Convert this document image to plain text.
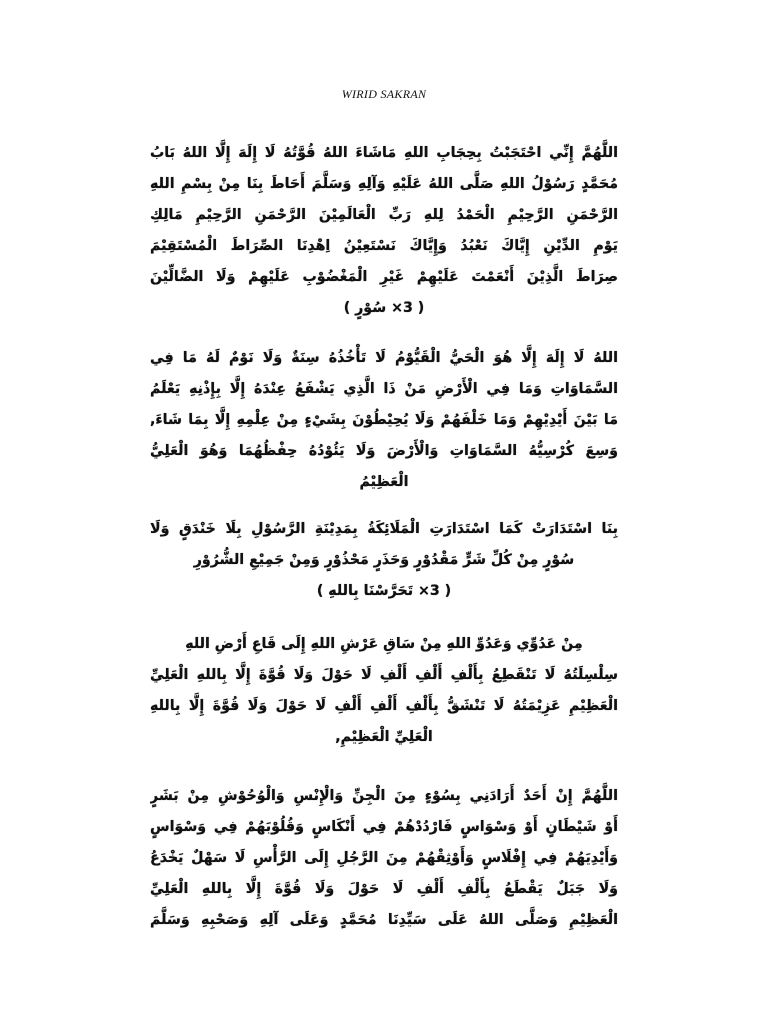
WIRID SAKRAN
اللَّهُمَّ إِنِّي احْتَجَبْتُ بِحِجَابِ اللهِ مَاشَاءَ اللهُ قُوَّتُهُ لَا إِلَهَ إِلَّا اللهُ بَابُ
مُحَمَّدٍ رَسُوْلُ اللهِ صَلَّى اللهُ عَلَيْهِ وَآلِهِ وَسَلَّمَ أَحَاطَ بِنَا مِنْ بِسْمِ اللهِ
الرَّحْمَنِ الرَّحِيْمِ الْحَمْدُ لِلهِ رَبِّ الْعَالَمِيْنَ الرَّحْمَنِ الرَّحِيْمِ مَالِكِ
يَوْمِ الدِّيْنِ إِيَّاكَ نَعْبُدُ وَإِيَّاكَ نَسْتَعِيْنُ اِهْدِنَا الصِّرَاطَ الْمُسْتَقِيْمَ
صِرَاطَ الَّذِيْنَ أَنْعَمْتَ عَلَيْهِمْ غَيْرِ الْمَغْضُوْبِ عَلَيْهِمْ وَلَا الضَّالِّيْنَ
( 3× سُوْرٍ )
اللهُ لَا إِلَهَ إِلَّا هُوَ الْحَيُّ الْقَيُّوْمُ لَا تَأْخُذُهُ سِنَةٌ وَلَا نَوْمٌ لَهُ مَا فِي
السَّمَاوَاتِ وَمَا فِي الْأَرْضِ مَنْ ذَا الَّذِي يَشْفَعُ عِنْدَهُ إِلَّا بِإِذْنِهِ يَعْلَمُ
مَا بَيْنَ أَيْدِيْهِمْ وَمَا خَلْفَهُمْ وَلَا يُحِيْطُوْنَ بِشَيْءٍ مِنْ عِلْمِهِ إِلَّا بِمَا شَاءَ,
وَسِعَ كُرْسِيُّهُ السَّمَاوَاتِ وَالْأَرْضَ وَلَا يَئُوْدُهُ حِفْظُهُمَا وَهُوَ الْعَلِيُّ
الْعَظِيْمُ
بِنَا اسْتَدَارَتْ كَمَا اسْتَدَارَتِ الْمَلَائِكَةُ بِمَدِيْنَةِ الرَّسُوْلِ بِلَا خَنْدَقٍ وَلَا
سُوْرٍ مِنْ كُلِّ شَرٍّ مَقْدُوْرٍ وَحَذَرٍ مَحْذُوْرٍ وَمِنْ جَمِيْعِ الشُّرُوْرِ
( 3× تَحَرَّسْنَا بِاللهِ )
مِنْ عَدُوِّي وَعَدُوِّ اللهِ مِنْ سَاقِ عَرْشِ اللهِ إِلَى قَاعِ أَرْضِ اللهِ
سِلْسِلَتُهُ لَا تَنْقَطِعُ بِأَلْفِ أَلْفِ أَلْفِ لَا حَوْلَ وَلَا قُوَّةَ إِلَّا بِاللهِ الْعَلِيِّ
الْعَظِيْمِ عَزِيْمَتُهُ لَا تَنْشَقُّ بِأَلْفِ أَلْفِ أَلْفِ لَا حَوْلَ وَلَا قُوَّةَ إِلَّا بِاللهِ
الْعَلِيِّ الْعَظِيْمِ,
اللَّهُمَّ إِنْ أَحَدٌ أَرَادَنِي بِسُوْءٍ مِنَ الْجِنِّ وَالْإِنْسِ وَالْوُحُوْشِ مِنْ بَشَرٍ
أَوْ شَيْطَانٍ أَوْ وَسْوَاسٍ فَارْدُدْهُمْ فِي أَنْكَاسٍ وَقُلُوْبَهُمْ فِي وَسْوَاسٍ
وَأَيْدِيَهُمْ فِي إِفْلَاسٍ وَأَوْثِقْهُمْ مِنَ الرَّجُلِ إِلَى الرَّأْسِ لَا سَهْلٌ يَخْدَعُ
وَلَا جَبَلٌ يَقْطَعُ بِأَلْفِ أَلْفِ لَا حَوْلَ وَلَا قُوَّةَ إِلَّا بِاللهِ الْعَلِيِّ
الْعَظِيْمِ وَصَلَّى اللهُ عَلَى سَيِّدِنَا مُحَمَّدٍ وَعَلَى آلِهِ وَصَحْبِهِ وَسَلَّمَ
